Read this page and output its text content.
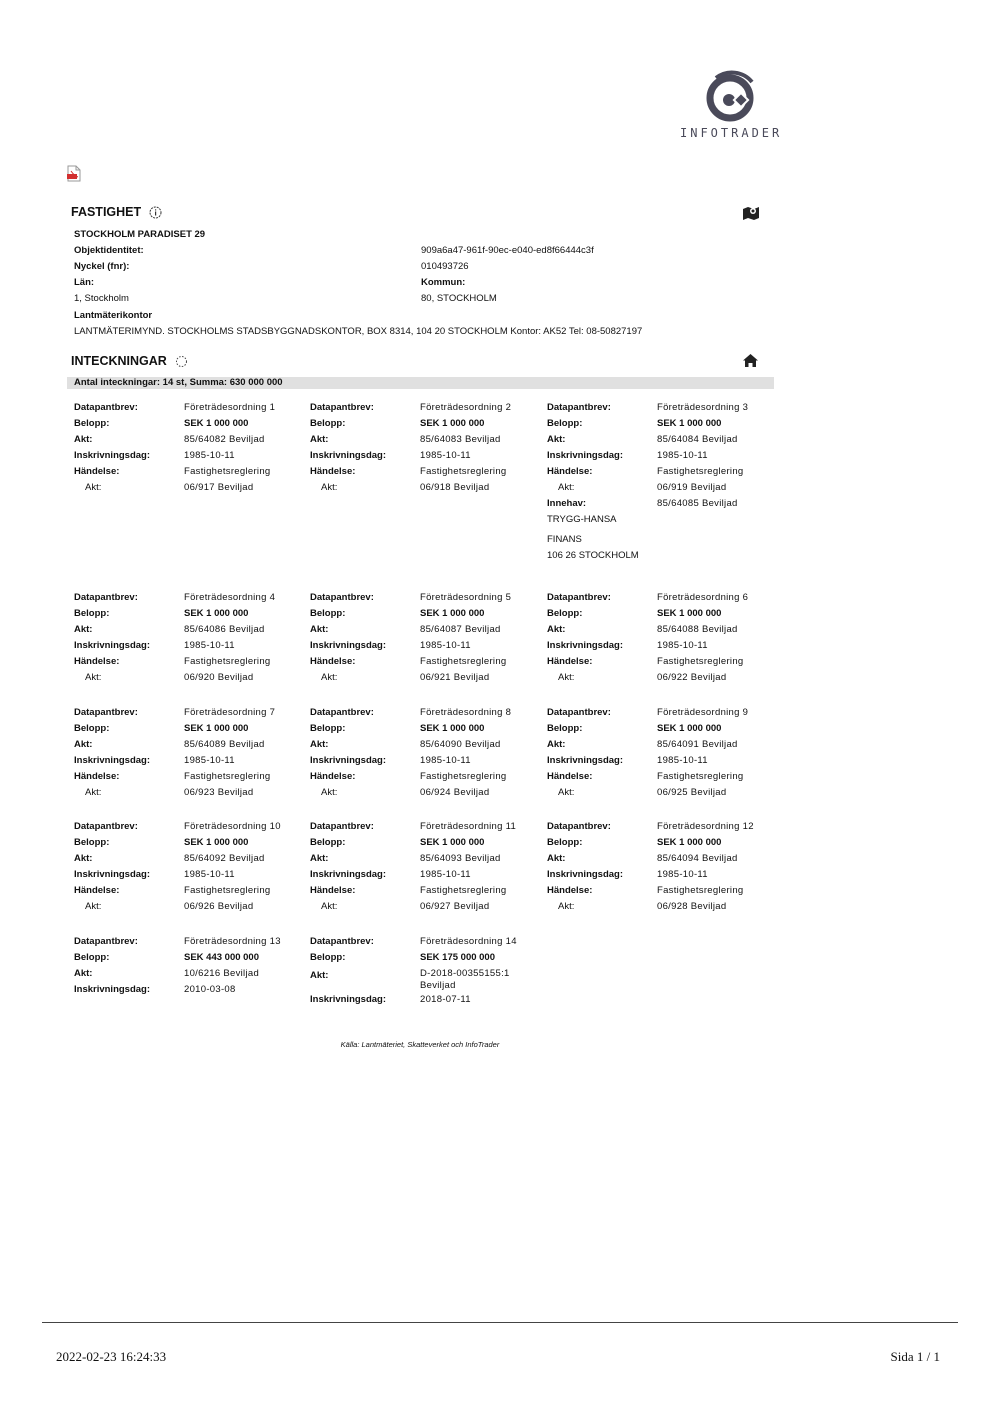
INFOTRADER
FASTIGHET
STOCKHOLM PARADISET 29
Objektidentitet:	909a6a47-961f-90ec-e040-ed8f66444c3f
Nyckel (fnr):	010493726
Län:	Kommun:
1, Stockholm	80, STOCKHOLM
Lantmäterikontor
LANTMÄTERIMYND. STOCKHOLMS STADSBYGGNADSKONTOR, BOX 8314, 104 20 STOCKHOLM Kontor: AK52 Tel: 08-50827197
INTECKNINGAR
Antal inteckningar: 14 st, Summa: 630 000 000
Datapantbrev:	Företrädesordning 1
Belopp:	SEK 1 000 000
Akt:	85/64082 Beviljad
Inskrivningsdag:	1985-10-11
Händelse:	Fastighetsreglering
Akt:	06/917 Beviljad
Datapantbrev:	Företrädesordning 2
Belopp:	SEK 1 000 000
Akt:	85/64083 Beviljad
Inskrivningsdag:	1985-10-11
Händelse:	Fastighetsreglering
Akt:	06/918 Beviljad
Datapantbrev:	Företrädesordning 3
Belopp:	SEK 1 000 000
Akt:	85/64084 Beviljad
Inskrivningsdag:	1985-10-11
Händelse:	Fastighetsreglering
Akt:	06/919 Beviljad
Innehav:	85/64085 Beviljad
TRYGG-HANSA
FINANS
106 26 STOCKHOLM
Datapantbrev:	Företrädesordning 4
Belopp:	SEK 1 000 000
Akt:	85/64086 Beviljad
Inskrivningsdag:	1985-10-11
Händelse:	Fastighetsreglering
Akt:	06/920 Beviljad
Datapantbrev:	Företrädesordning 5
Belopp:	SEK 1 000 000
Akt:	85/64087 Beviljad
Inskrivningsdag:	1985-10-11
Händelse:	Fastighetsreglering
Akt:	06/921 Beviljad
Datapantbrev:	Företrädesordning 6
Belopp:	SEK 1 000 000
Akt:	85/64088 Beviljad
Inskrivningsdag:	1985-10-11
Händelse:	Fastighetsreglering
Akt:	06/922 Beviljad
Datapantbrev:	Företrädesordning 7
Belopp:	SEK 1 000 000
Akt:	85/64089 Beviljad
Inskrivningsdag:	1985-10-11
Händelse:	Fastighetsreglering
Akt:	06/923 Beviljad
Datapantbrev:	Företrädesordning 8
Belopp:	SEK 1 000 000
Akt:	85/64090 Beviljad
Inskrivningsdag:	1985-10-11
Händelse:	Fastighetsreglering
Akt:	06/924 Beviljad
Datapantbrev:	Företrädesordning 9
Belopp:	SEK 1 000 000
Akt:	85/64091 Beviljad
Inskrivningsdag:	1985-10-11
Händelse:	Fastighetsreglering
Akt:	06/925 Beviljad
Datapantbrev:	Företrädesordning 10
Belopp:	SEK 1 000 000
Akt:	85/64092 Beviljad
Inskrivningsdag:	1985-10-11
Händelse:	Fastighetsreglering
Akt:	06/926 Beviljad
Datapantbrev:	Företrädesordning 11
Belopp:	SEK 1 000 000
Akt:	85/64093 Beviljad
Inskrivningsdag:	1985-10-11
Händelse:	Fastighetsreglering
Akt:	06/927 Beviljad
Datapantbrev:	Företrädesordning 12
Belopp:	SEK 1 000 000
Akt:	85/64094 Beviljad
Inskrivningsdag:	1985-10-11
Händelse:	Fastighetsreglering
Akt:	06/928 Beviljad
Datapantbrev:	Företrädesordning 13
Belopp:	SEK 443 000 000
Akt:	10/6216 Beviljad
Inskrivningsdag:	2010-03-08
Datapantbrev:	Företrädesordning 14
Belopp:	SEK 175 000 000
Akt:	D-2018-00355155:1 Beviljad
Inskrivningsdag:	2018-07-11
Källa: Lantmäteriet, Skatteverket och InfoTrader
2022-02-23 16:24:33	Sida 1 / 1
